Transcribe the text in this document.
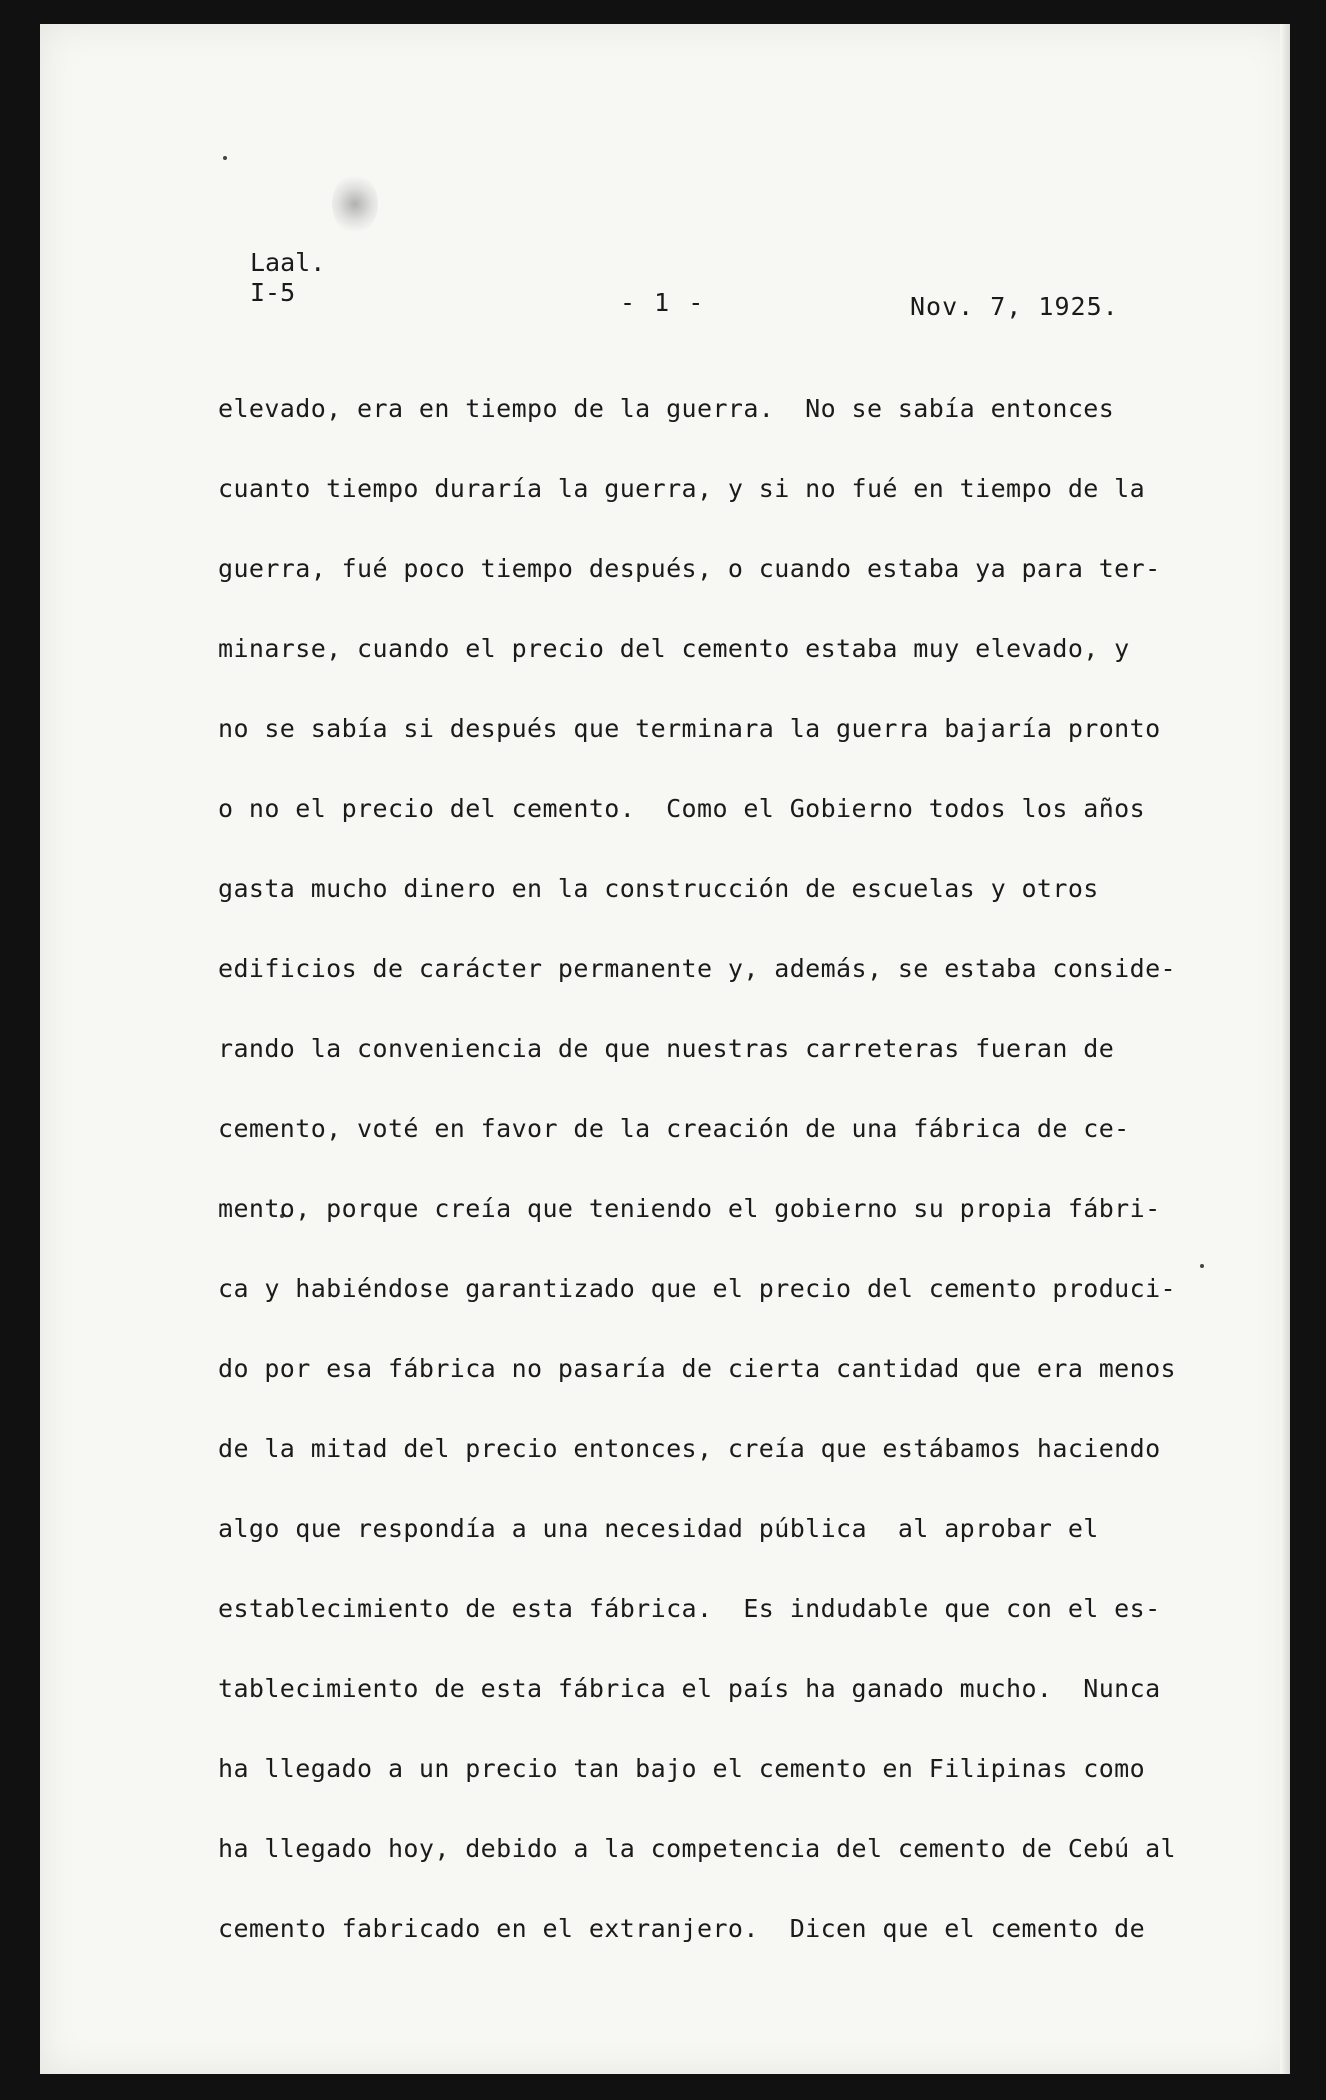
Laal.
I-5	- 1 -	Nov. 7, 1925.
elevado, era en tiempo de la guerra.  No se sabía entonces
cuanto tiempo duraría la guerra, y si no fué en tiempo de la
guerra, fué poco tiempo después, o cuando estaba ya para ter-
minarse, cuando el precio del cemento estaba muy elevado, y
no se sabía si después que terminara la guerra bajaría pronto
o no el precio del cemento.  Como el Gobierno todos los años
gasta mucho dinero en la construcción de escuelas y otros
edificios de carácter permanente y, además, se estaba conside-
rando la conveniencia de que nuestras carreteras fueran de
cemento, voté en favor de la creación de una fábrica de ce-
mento, porque creía que teniendo el gobierno su propia fábri-
ca y habiéndose garantizado que el precio del cemento produci-
do por esa fábrica no pasaría de cierta cantidad que era menos
de la mitad del precio entonces, creía que estábamos haciendo
algo que respondía a una necesidad pública  al aprobar el
establecimiento de esta fábrica.  Es indudable que con el es-
tablecimiento de esta fábrica el país ha ganado mucho.  Nunca
ha llegado a un precio tan bajo el cemento en Filipinas como
ha llegado hoy, debido a la competencia del cemento de Cebú al
cemento fabricado en el extranjero.  Dicen que el cemento de
